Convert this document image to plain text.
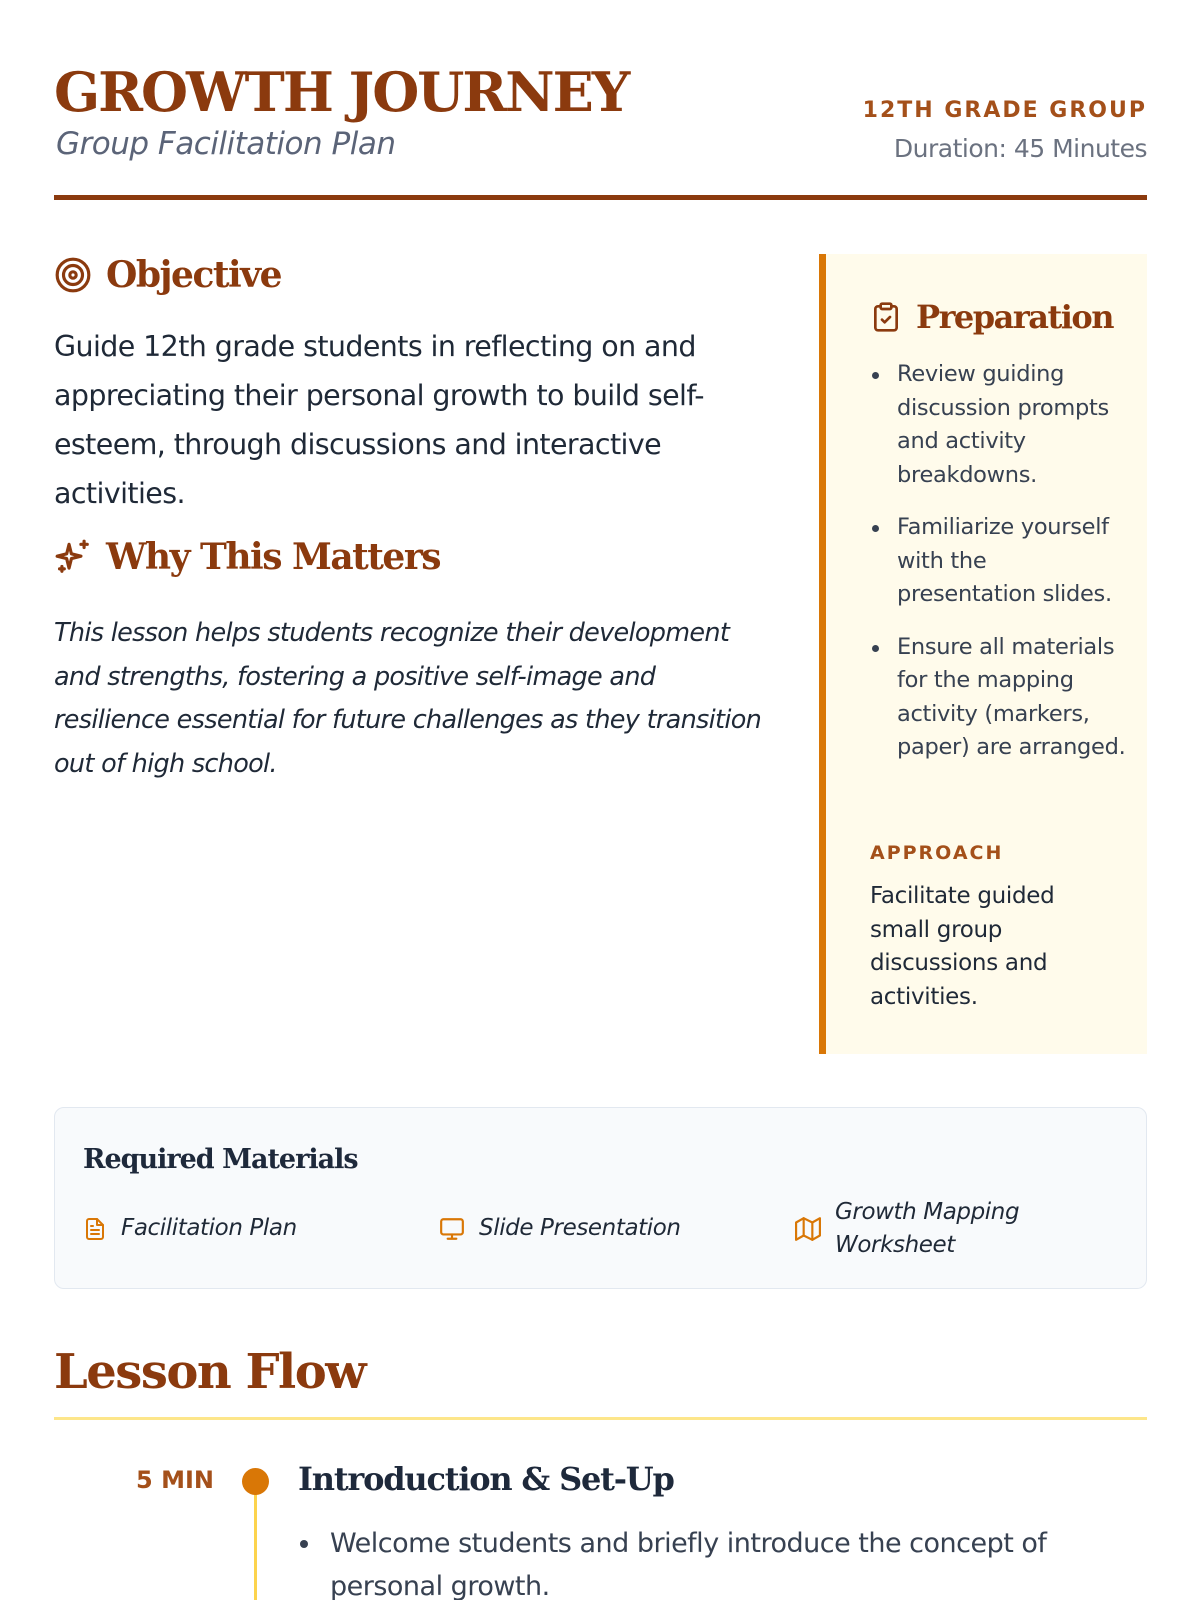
GROWTH JOURNEY
Group Facilitation Plan
12TH GRADE GROUP
Duration: 45 Minutes
Objective

Guide 12th grade students in reflecting on and appreciating their personal growth to build self-esteem, through discussions and interactive activities.

Why This Matters

This lesson helps students recognize their development and strengths, fostering a positive self-image and resilience essential for future challenges as they transition out of high school.

Preparation
Review guiding discussion prompts and activity breakdowns.
Familiarize yourself with the presentation slides.
Ensure all materials for the mapping activity (markers, paper) are arranged.
APPROACH
Facilitate guided small group discussions and activities.
Required Materials
Facilitation Plan	Slide Presentation
Growth Mapping Worksheet
Lesson Flow
5 MIN	Introduction & Set-Up
Welcome students and briefly introduce the concept of personal growth.
